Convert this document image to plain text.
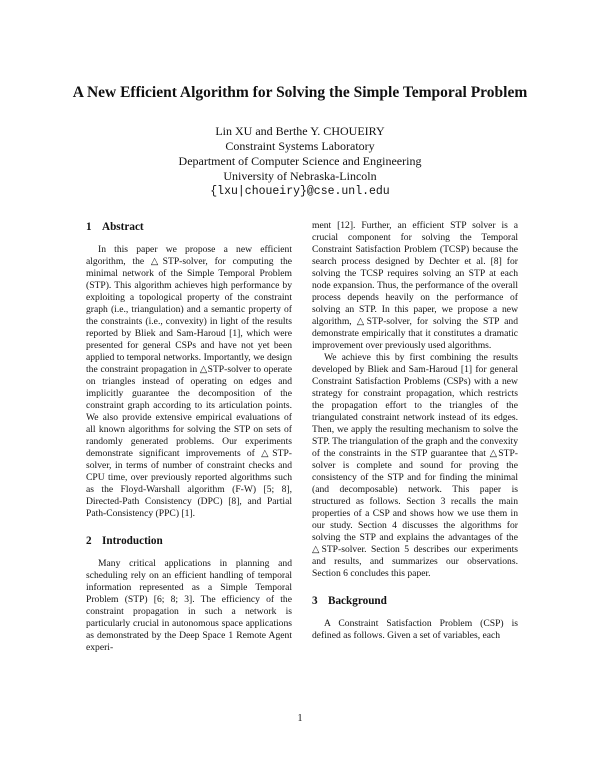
A New Efficient Algorithm for Solving the Simple Temporal Problem
Lin XU and Berthe Y. CHOUEIRY
Constraint Systems Laboratory
Department of Computer Science and Engineering
University of Nebraska-Lincoln
{lxu|choueiry}@cse.unl.edu
1 Abstract

In this paper we propose a new efficient algorithm, the △STP-solver, for computing the minimal network of the Simple Temporal Problem (STP). This algorithm achieves high performance by exploiting a topological property of the constraint graph (i.e., triangulation) and a semantic property of the constraints (i.e., convexity) in light of the results reported by Bliek and Sam-Haroud [1], which were presented for general CSPs and have not yet been applied to temporal networks. Importantly, we design the constraint propagation in △STP-solver to operate on triangles instead of operating on edges and implicitly guarantee the decomposition of the constraint graph according to its articulation points. We also provide extensive empirical evaluations of all known algorithms for solving the STP on sets of randomly generated problems. Our experiments demonstrate significant improvements of △STP-solver, in terms of number of constraint checks and CPU time, over previously reported algorithms such as the Floyd-Warshall algorithm (F-W) [5; 8], Directed-Path Consistency (DPC) [8], and Partial Path-Consistency (PPC) [1].

2 Introduction

Many critical applications in planning and scheduling rely on an efficient handling of temporal information represented as a Simple Temporal Problem (STP) [6; 8; 3]. The efficiency of the constraint propagation in such a network is particularly crucial in autonomous space applications as demonstrated by the Deep Space 1 Remote Agent experi-

ment [12]. Further, an efficient STP solver is a crucial component for solving the Temporal Constraint Satisfaction Problem (TCSP) because the search process designed by Dechter et al. [8] for solving the TCSP requires solving an STP at each node expansion. Thus, the performance of the overall process depends heavily on the performance of solving an STP. In this paper, we propose a new algorithm, △STP-solver, for solving the STP and demonstrate empirically that it constitutes a dramatic improvement over previously used algorithms.

We achieve this by first combining the results developed by Bliek and Sam-Haroud [1] for general Constraint Satisfaction Problems (CSPs) with a new strategy for constraint propagation, which restricts the propagation effort to the triangles of the triangulated constraint network instead of its edges. Then, we apply the resulting mechanism to solve the STP. The triangulation of the graph and the convexity of the constraints in the STP guarantee that △STP-solver is complete and sound for proving the consistency of the STP and for finding the minimal (and decomposable) network. This paper is structured as follows. Section 3 recalls the main properties of a CSP and shows how we use them in our study. Section 4 discusses the algorithms for solving the STP and explains the advantages of the △STP-solver. Section 5 describes our experiments and results, and summarizes our observations. Section 6 concludes this paper.

3 Background

A Constraint Satisfaction Problem (CSP) is defined as follows. Given a set of variables, each

1
